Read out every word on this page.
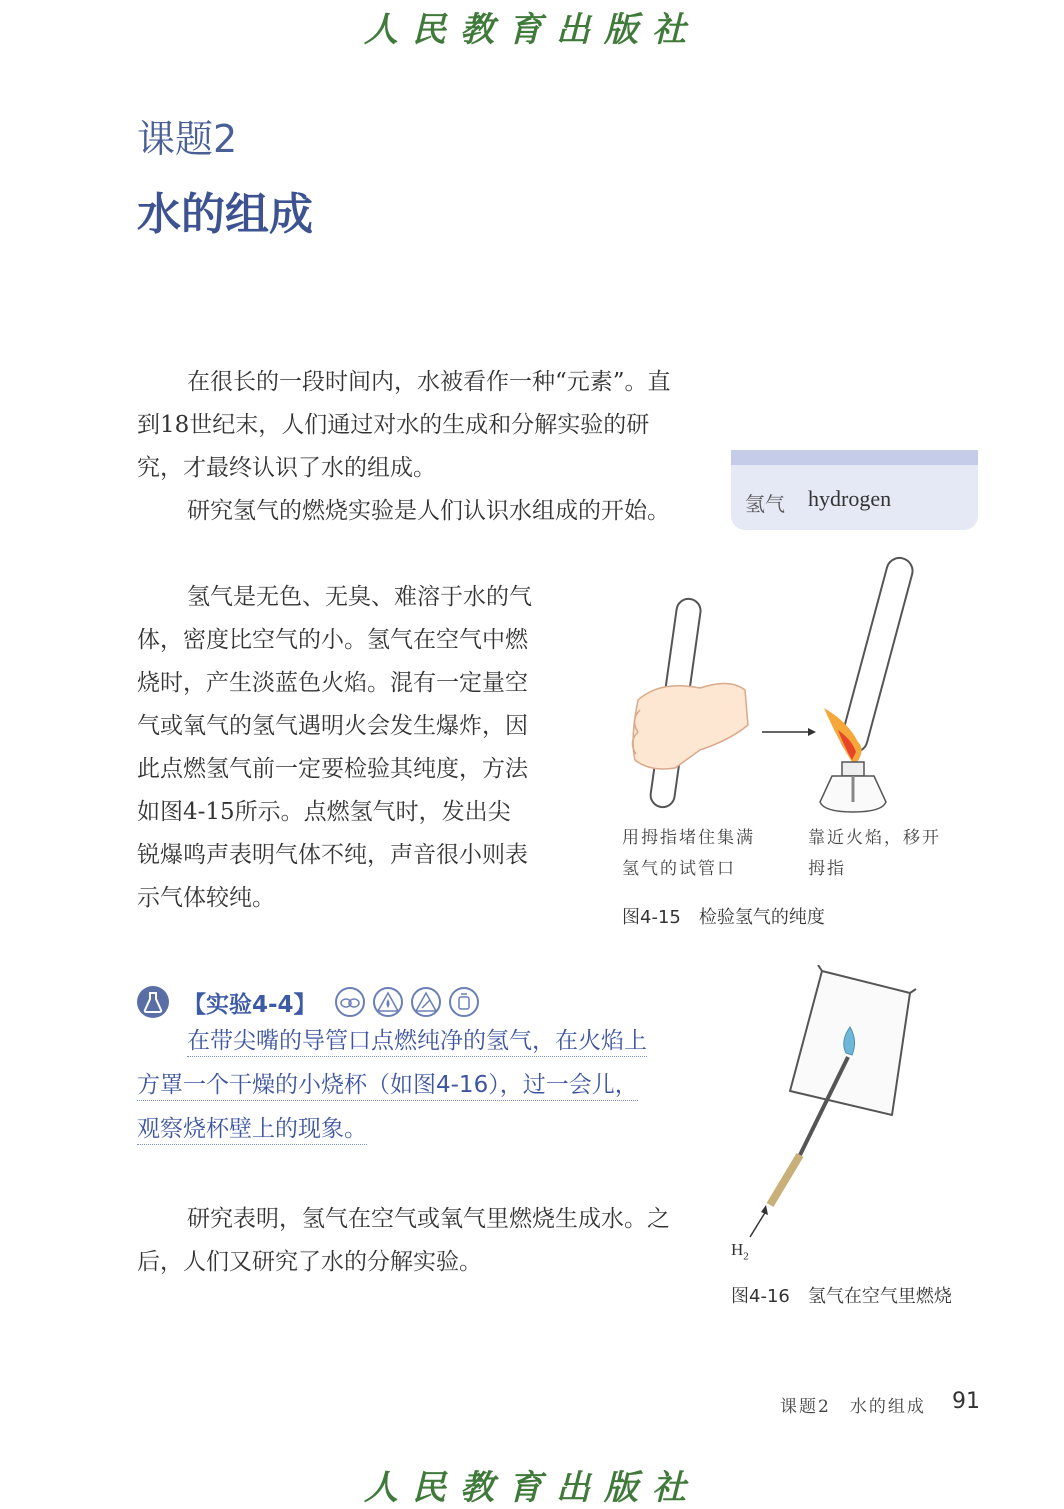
人民教育出版社
课题2
水的组成
在很长的一段时间内，水被看作一种“元素”。直到18世纪末，人们通过对水的生成和分解实验的研究，才最终认识了水的组成。
研究氢气的燃烧实验是人们认识水组成的开始。
氢气是无色、无臭、难溶于水的气体，密度比空气的小。氢气在空气中燃烧时，产生淡蓝色火焰。混有一定量空气或氧气的氢气遇明火会发生爆炸，因此点燃氢气前一定要检验其纯度，方法如图4-15所示。点燃氢气时，发出尖锐爆鸣声表明气体不纯，声音很小则表示气体较纯。
氢气 hydrogen
用拇指堵住集满氢气的试管口
靠近火焰，移开拇指
图4-15　检验氢气的纯度
【实验4-4】
在带尖嘴的导管口点燃纯净的氢气，在火焰上
方罩一个干燥的小烧杯（如图4-16），过一会儿，
观察烧杯壁上的现象。
$H_2$
图4-16　氢气在空气里燃烧
研究表明，氢气在空气或氧气里燃烧生成水。之后，人们又研究了水的分解实验。
课题2　水的组成 91
人民教育出版社
